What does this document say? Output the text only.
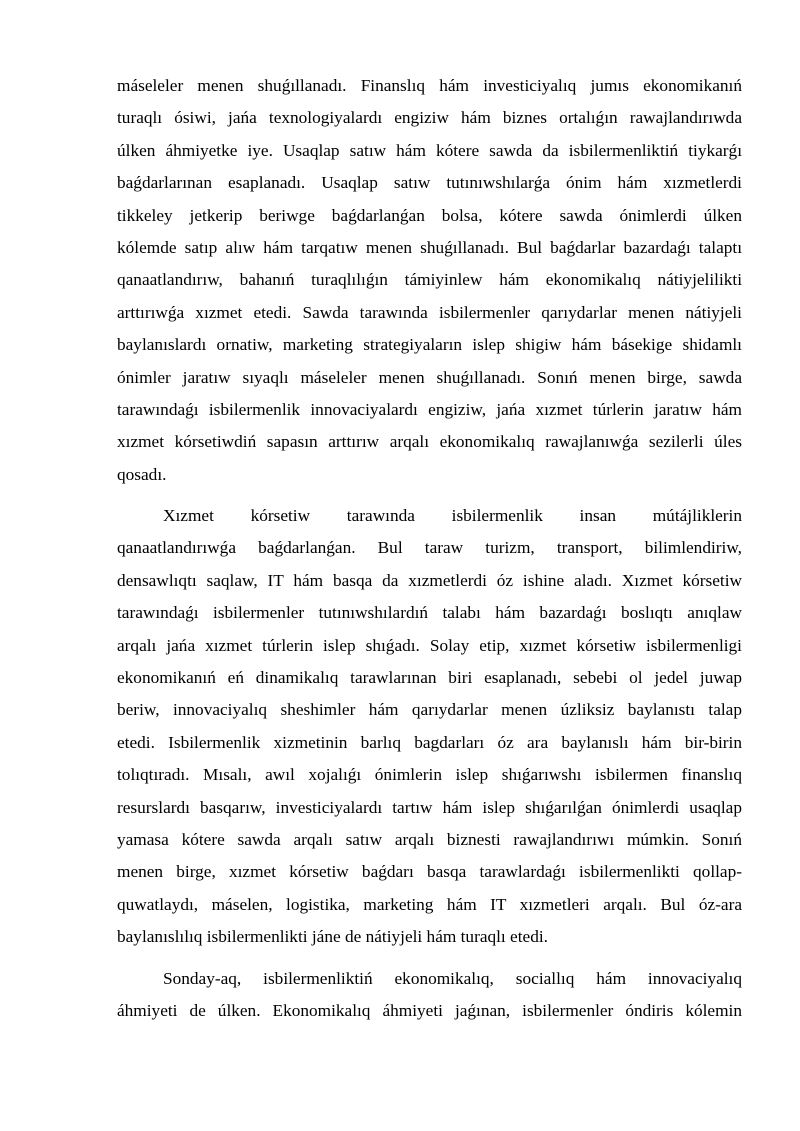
máseleler menen shuǵıllanadı. Finanslıq hám investiciyalıq jumıs ekonomikanıń
turaqlı ósiwi, jańa texnologiyalardı engiziw hám biznes ortalıǵın rawajlandırıwda
úlken áhmiyetke iye. Usaqlap satıw hám kótere sawda da isbilermenliktiń tiykarǵı
baǵdarlarınan esaplanadı. Usaqlap satıw tutınıwshılarǵa ónim hám xızmetlerdi
tikkeley jetkerip beriwge baǵdarlanǵan bolsa, kótere sawda ónimlerdi úlken
kólemde satıp alıw hám tarqatıw menen shuǵıllanadı. Bul baǵdarlar bazardaǵı talaptı
qanaatlandırıw, bahanıń turaqlılıǵın támiyinlew hám ekonomikalıq nátiyjelilikti
arttırıwǵa xızmet etedi. Sawda tarawında isbilermenler qarıydarlar menen nátiyjeli
baylanıslardı ornatiw, marketing strategiyaların islep shigiw hám básekige shidamlı
ónimler jaratıw sıyaqlı máseleler menen shuǵıllanadı. Sonıń menen birge, sawda
tarawındaǵı isbilermenlik innovaciyalardı engiziw, jańa xızmet túrlerin jaratıw hám
xızmet kórsetiwdiń sapasın arttırıw arqalı ekonomikalıq rawajlanıwǵa sezilerli úles
qosadı.
Xızmet kórsetiw tarawında isbilermenlik insan mútájliklerin
qanaatlandırıwǵa baǵdarlanǵan. Bul taraw turizm, transport, bilimlendiriw,
densawlıqtı saqlaw, IT hám basqa da xızmetlerdi óz ishine aladı. Xızmet kórsetiw
tarawındaǵı isbilermenler tutınıwshılardıń talabı hám bazardaǵı boslıqtı anıqlaw
arqalı jańa xızmet túrlerin islep shıǵadı. Solay etip, xızmet kórsetiw isbilermenligi
ekonomikanıń eń dinamikalıq tarawlarınan biri esaplanadı, sebebi ol jedel juwap
beriw, innovaciyalıq sheshimler hám qarıydarlar menen úzliksiz baylanıstı talap
etedi. Isbilermenlik xizmetinin barlıq bagdarları óz ara baylanıslı hám bir-birin
tolıqtıradı. Mısalı, awıl xojalıǵı ónimlerin islep shıǵarıwshı isbilermen finanslıq
resurslardı basqarıw, investiciyalardı tartıw hám islep shıǵarılǵan ónimlerdi usaqlap
yamasa kótere sawda arqalı satıw arqalı biznesti rawajlandırıwı múmkin. Sonıń
menen birge, xızmet kórsetiw baǵdarı basqa tarawlardaǵı isbilermenlikti qollap-
quwatlaydı, máselen, logistika, marketing hám IT xızmetleri arqalı. Bul óz-ara
baylanıslılıq isbilermenlikti jáne de nátiyjeli hám turaqlı etedi.
Sonday-aq, isbilermenliktiń ekonomikalıq, sociallıq hám innovaciyalıq
áhmiyeti de úlken. Ekonomikalıq áhmiyeti jaǵınan, isbilermenler óndiris kólemin
